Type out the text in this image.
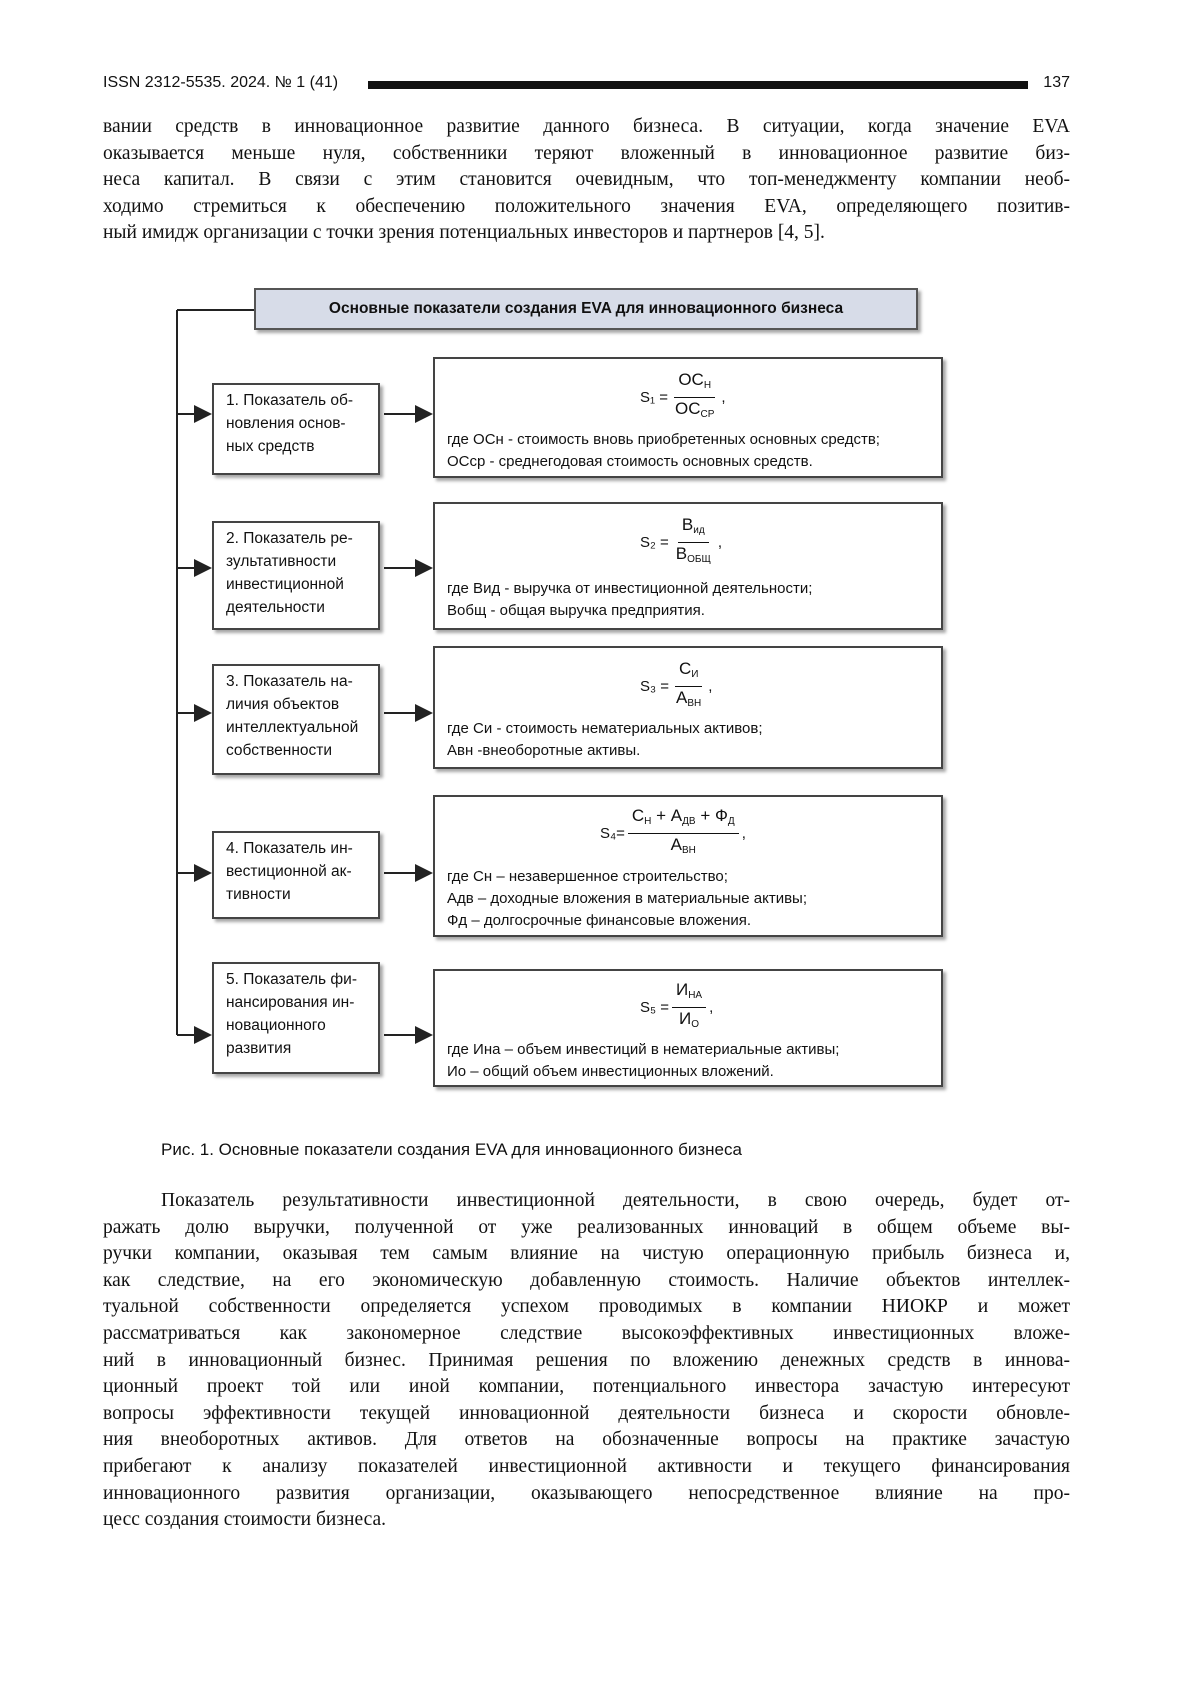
ISSN 2312-5535. 2024. № 1 (41)	137
вании средств в инновационное развитие данного бизнеса. В ситуации, когда значение EVA
оказывается меньше нуля, собственники теряют вложенный в инновационное развитие биз-
неса капитал. В связи с этим становится очевидным, что топ-менеджменту компании необ-
ходимо стремиться к обеспечению положительного значения EVA, определяющего позитив-
ный имидж организации с точки зрения потенциальных инвесторов и партнеров [4, 5].
Основные показатели создания EVA для инновационного бизнеса
1. Показатель об-
новления основ-
ных средств
$S_1 = \frac{ОС_Н}{ОС_{СР}}$ ,
где ОСн - стоимость вновь приобретенных основных средств;
ОСср - среднегодовая стоимость основных средств.
2. Показатель ре-
зультативности
инвестиционной
деятельности
$S_2 = \frac{В_{ид}}{В_{ОБЩ}}$ ,
где Вид - выручка от инвестиционной деятельности;
Вобщ - общая выручка предприятия.
3. Показатель на-
личия объектов
интеллектуальной
собственности
$S_3 = \frac{С_И}{А_{ВН}}$ ,
где Си - стоимость нематериальных активов;
Авн -внеоборотные активы.
4. Показатель ин-
вестиционной ак-
тивности
$S_4= \frac{С_Н + А_{ДВ} + Ф_Д}{А_{ВН}}$ ,
где Сн – незавершенное строительство;
Адв – доходные вложения в материальные активы;
Фд – долгосрочные финансовые вложения.
5. Показатель фи-
нансирования ин-
новационного
развития
$S_5 = \frac{И_{НА}}{И_О}$ ,
где Ина – объем инвестиций в нематериальные активы;
Ио – общий объем инвестиционных вложений.
Рис. 1. Основные показатели создания EVA для инновационного бизнеса
Показатель результативности инвестиционной деятельности, в свою очередь, будет от-
ражать долю выручки, полученной от уже реализованных инноваций в общем объеме вы-
ручки компании, оказывая тем самым влияние на чистую операционную прибыль бизнеса и,
как следствие, на его экономическую добавленную стоимость. Наличие объектов интеллек-
туальной собственности определяется успехом проводимых в компании НИОКР и может
рассматриваться как закономерное следствие высокоэффективных инвестиционных вложе-
ний в инновационный бизнес. Принимая решения по вложению денежных средств в иннова-
ционный проект той или иной компании, потенциального инвестора зачастую интересуют
вопросы эффективности текущей инновационной деятельности бизнеса и скорости обновле-
ния внеоборотных активов. Для ответов на обозначенные вопросы на практике зачастую
прибегают к анализу показателей инвестиционной активности и текущего финансирования
инновационного развития организации, оказывающего непосредственное влияние на про-
цесс создания стоимости бизнеса.
